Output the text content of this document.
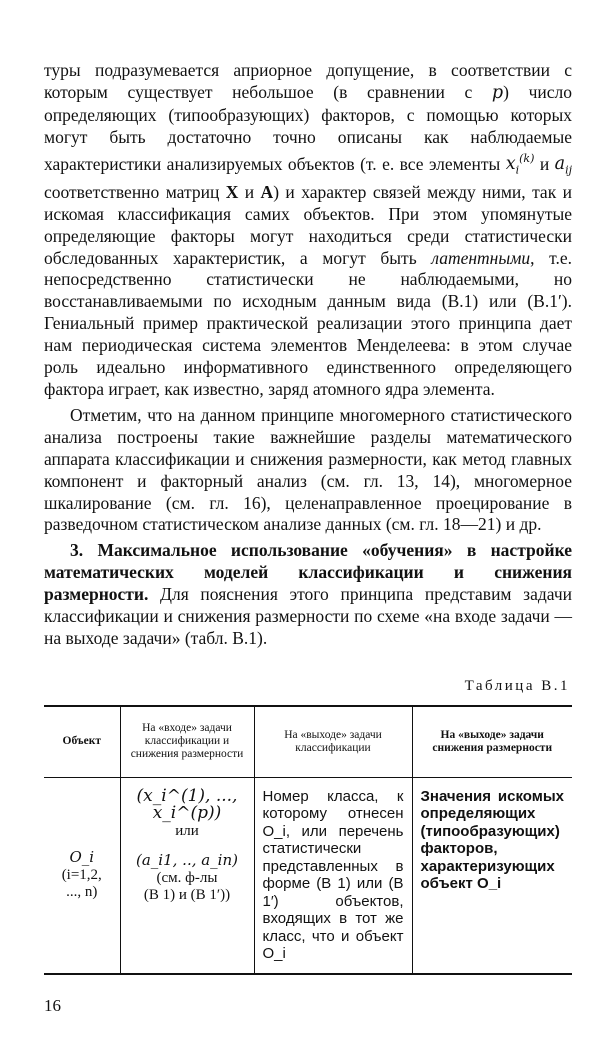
туры подразумевается априорное допущение, в соответствии с которым существует небольшое (в сравнении с p) число определяющих (типообразующих) факторов, с помощью которых могут быть достаточно точно описаны как наблюдаемые характеристики анализируемых объектов (т. е. все элементы $x_i^{(k)}$ и $a_{ij}$ соответственно матриц X и A) и характер связей между ними, так и искомая классификация самих объектов. При этом упомянутые определяющие факторы могут находиться среди статистически обследованных характеристик, а могут быть латентными, т.е. непосредственно статистически не наблюдаемыми, но восстанавливаемыми по исходным данным вида (В.1) или (В.1′). Гениальный пример практической реализации этого принципа дает нам периодическая система элементов Менделеева: в этом случае роль идеально информативного единственного определяющего фактора играет, как известно, заряд атомного ядра элемента.

Отметим, что на данном принципе многомерного статистического анализа построены такие важнейшие разделы математического аппарата классификации и снижения размерности, как метод главных компонент и факторный анализ (см. гл. 13, 14), многомерное шкалирование (см. гл. 16), целенаправленное проецирование в разведочном статистическом анализе данных (см. гл. 18—21) и др.

3. Максимальное использование «обучения» в настройке математических моделей классификации и снижения размерности. Для пояснения этого принципа представим задачи классификации и снижения размерности по схеме «на входе задачи — на выходе задачи» (табл. В.1).

Таблица В.1
Объект	На «входе» задачи классификации и снижения размерности	На «выходе» задачи классификации	На «выходе» задачи снижения размерности

O_i
(i=1,2,
..., n)	(x_i^(1), ..., x_i^(p))
или
(a_i1, .., a_in)
(см. ф-лы
(В 1) и (В 1′))	Номер класса, к которому отнесен O_i, или перечень статистически представленных в форме (В 1) или (В 1′) объектов, входящих в тот же класс, что и объект O_i	Значения искомых определяющих (типообразующих) факторов, характеризующих объект O_i
16
